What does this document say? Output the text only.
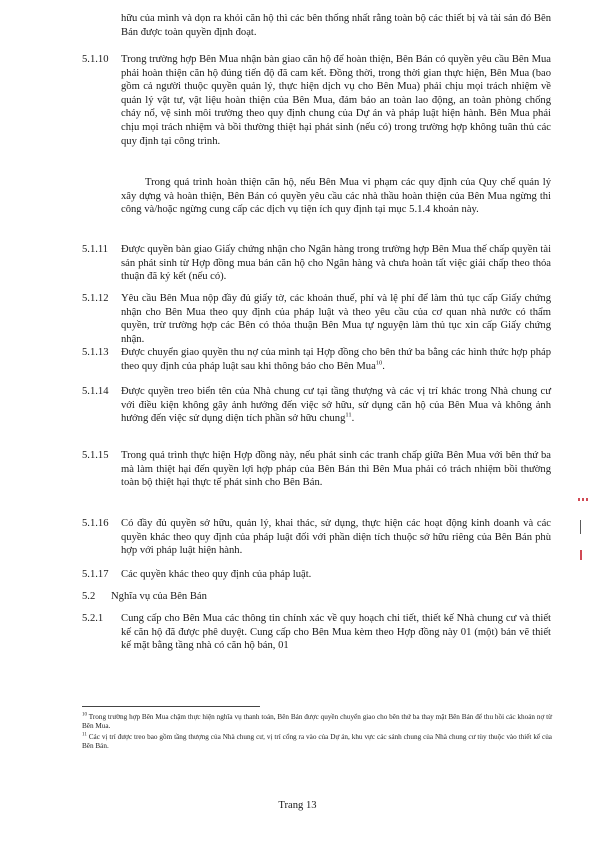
hữu của mình và dọn ra khỏi căn hộ thì các bên thống nhất rằng toàn bộ các thiết bị và tài sản đó Bên Bán được toàn quyền định đoạt.
5.1.10 Trong trường hợp Bên Mua nhận bàn giao căn hộ để hoàn thiện, Bên Bán có quyền yêu cầu Bên Mua phải hoàn thiện căn hộ đúng tiến độ đã cam kết. Đồng thời, trong thời gian thực hiện, Bên Mua (bao gồm cả người thuộc quyền quản lý, thực hiện dịch vụ cho Bên Mua) phải chịu mọi trách nhiệm về quản lý vật tư, vật liệu hoàn thiện của Bên Mua, đảm bảo an toàn lao động, an toàn phòng chống cháy nổ, vệ sinh môi trường theo quy định chung của Dự án và pháp luật hiện hành. Bên Mua phải chịu mọi trách nhiệm và bồi thường thiệt hại phát sinh (nếu có) trong trường hợp không tuân thủ các quy định tại công trình.
Trong quá trình hoàn thiện căn hộ, nếu Bên Mua vi phạm các quy định của Quy chế quản lý xây dựng và hoàn thiện, Bên Bán có quyền yêu cầu các nhà thầu hoàn thiện của Bên Mua ngừng thi công và/hoặc ngừng cung cấp các dịch vụ tiện ích quy định tại mục 5.1.4 khoản này.
5.1.11 Được quyền bàn giao Giấy chứng nhận cho Ngân hàng trong trường hợp Bên Mua thế chấp quyền tài sản phát sinh từ Hợp đồng mua bán căn hộ cho Ngân hàng và chưa hoàn tất việc giải chấp theo thỏa thuận đã ký kết (nếu có).
5.1.12 Yêu cầu Bên Mua nộp đầy đủ giấy tờ, các khoản thuế, phí và lệ phí để làm thủ tục cấp Giấy chứng nhận cho Bên Mua theo quy định của pháp luật và theo yêu cầu của cơ quan nhà nước có thẩm quyền, trừ trường hợp các Bên có thỏa thuận Bên Mua tự nguyện làm thủ tục xin cấp Giấy chứng nhận.
5.1.13 Được chuyển giao quyền thu nợ của mình tại Hợp đồng cho bên thứ ba bằng các hình thức hợp pháp theo quy định của pháp luật sau khi thông báo cho Bên Mua$^{10}$.
5.1.14 Được quyền treo biển tên của Nhà chung cư tại tầng thượng và các vị trí khác trong Nhà chung cư với điều kiện không gây ảnh hưởng đến việc sở hữu, sử dụng căn hộ của Bên Mua và không ảnh hưởng đến việc sử dụng diện tích phần sở hữu chung$^{11}$.
5.1.15 Trong quá trình thực hiện Hợp đồng này, nếu phát sinh các tranh chấp giữa Bên Mua với bên thứ ba mà làm thiệt hại đến quyền lợi hợp pháp của Bên Bán thì Bên Mua phải có trách nhiệm bồi thường toàn bộ thiệt hại thực tế phát sinh cho Bên Bán.
5.1.16 Có đầy đủ quyền sở hữu, quản lý, khai thác, sử dụng, thực hiện các hoạt động kinh doanh và các quyền khác theo quy định của pháp luật đối với phần diện tích thuộc sở hữu riêng của Bên Bán phù hợp với pháp luật hiện hành.
5.1.17 Các quyền khác theo quy định của pháp luật.
5.2 Nghĩa vụ của Bên Bán
5.2.1 Cung cấp cho Bên Mua các thông tin chính xác về quy hoạch chi tiết, thiết kế Nhà chung cư và thiết kế căn hộ đã được phê duyệt. Cung cấp cho Bên Mua kèm theo Hợp đồng này 01 (một) bản vẽ thiết kế mặt bằng tầng nhà có căn hộ bán, 01
$^{10}$ Trong trường hợp Bên Mua chậm thực hiện nghĩa vụ thanh toán, Bên Bán được quyền chuyển giao cho bên thứ ba thay mặt Bên Bán để thu hồi các khoản nợ từ Bên Mua.
$^{11}$ Các vị trí được treo bao gồm tầng thượng của Nhà chung cư, vị trí cổng ra vào của Dự án, khu vực các sảnh chung của Nhà chung cư tùy thuộc vào thiết kế của Bên Bán.
Trang 13
